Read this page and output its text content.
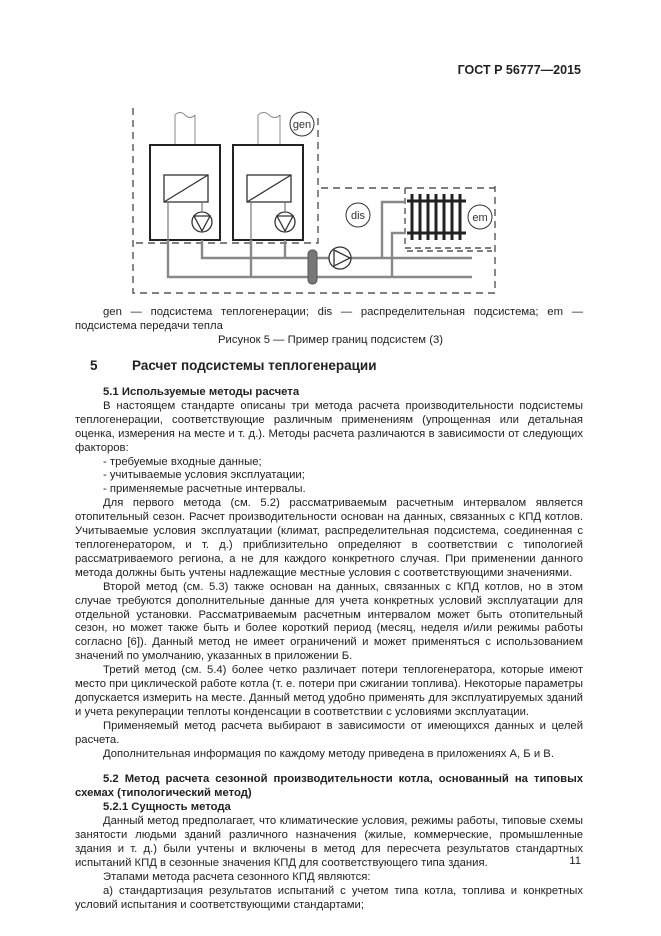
ГОСТ Р 56777—2015
gen
dis	em

gen — подсистема теплогенерации; dis — распределительная подсистема; em — подсистема передачи тепла

Рисунок 5 — Пример границ подсистем (3)
5	Расчет подсистемы теплогенерации

5.1 Используемые методы расчета

В настоящем стандарте описаны три метода расчета производительности подсистемы теплогенерации, соответствующие различным применениям (упрощенная или детальная оценка, измерения на месте и т. д.). Методы расчета различаются в зависимости от следующих факторов:

- требуемые входные данные;

- учитываемые условия эксплуатации;

- применяемые расчетные интервалы.

Для первого метода (см. 5.2) рассматриваемым расчетным интервалом является отопительный сезон. Расчет производительности основан на данных, связанных с КПД котлов. Учитываемые условия эксплуатации (климат, распределительная подсистема, соединенная с теплогенератором, и т. д.) приблизительно определяют в соответствии с типологией рассматриваемого региона, а не для каждого конкретного случая. При применении данного метода должны быть учтены надлежащие местные условия с соответствующими значениями.

Второй метод (см. 5.3) также основан на данных, связанных с КПД котлов, но в этом случае требуются дополнительные данные для учета конкретных условий эксплуатации для отдельной установки. Рассматриваемым расчетным интервалом может быть отопительный сезон, но может также быть и более короткий период (месяц, неделя и/или режимы работы согласно [6]). Данный метод не имеет ограничений и может применяться с использованием значений по умолчанию, указанных в приложении Б.

Третий метод (см. 5.4) более четко различает потери теплогенератора, которые имеют место при циклической работе котла (т. е. потери при сжигании топлива). Некоторые параметры допускается измерить на месте. Данный метод удобно применять для эксплуатируемых зданий и учета рекуперации теплоты конденсации в соответствии с условиями эксплуатации.

Применяемый метод расчета выбирают в зависимости от имеющихся данных и целей расчета.

Дополнительная информация по каждому методу приведена в приложениях А, Б и В.

5.2 Метод расчета сезонной производительности котла, основанный на типовых схемах (типологический метод)

5.2.1 Сущность метода

Данный метод предполагает, что климатические условия, режимы работы, типовые схемы занятости людьми зданий различного назначения (жилые, коммерческие, промышленные здания и т. д.) были учтены и включены в метод для пересчета результатов стандартных испытаний КПД в сезонные значения КПД для соответствующего типа здания.

Этапами метода расчета сезонного КПД являются:

а) стандартизация результатов испытаний с учетом типа котла, топлива и конкретных условий испытания и соответствующими стандартами;

11
